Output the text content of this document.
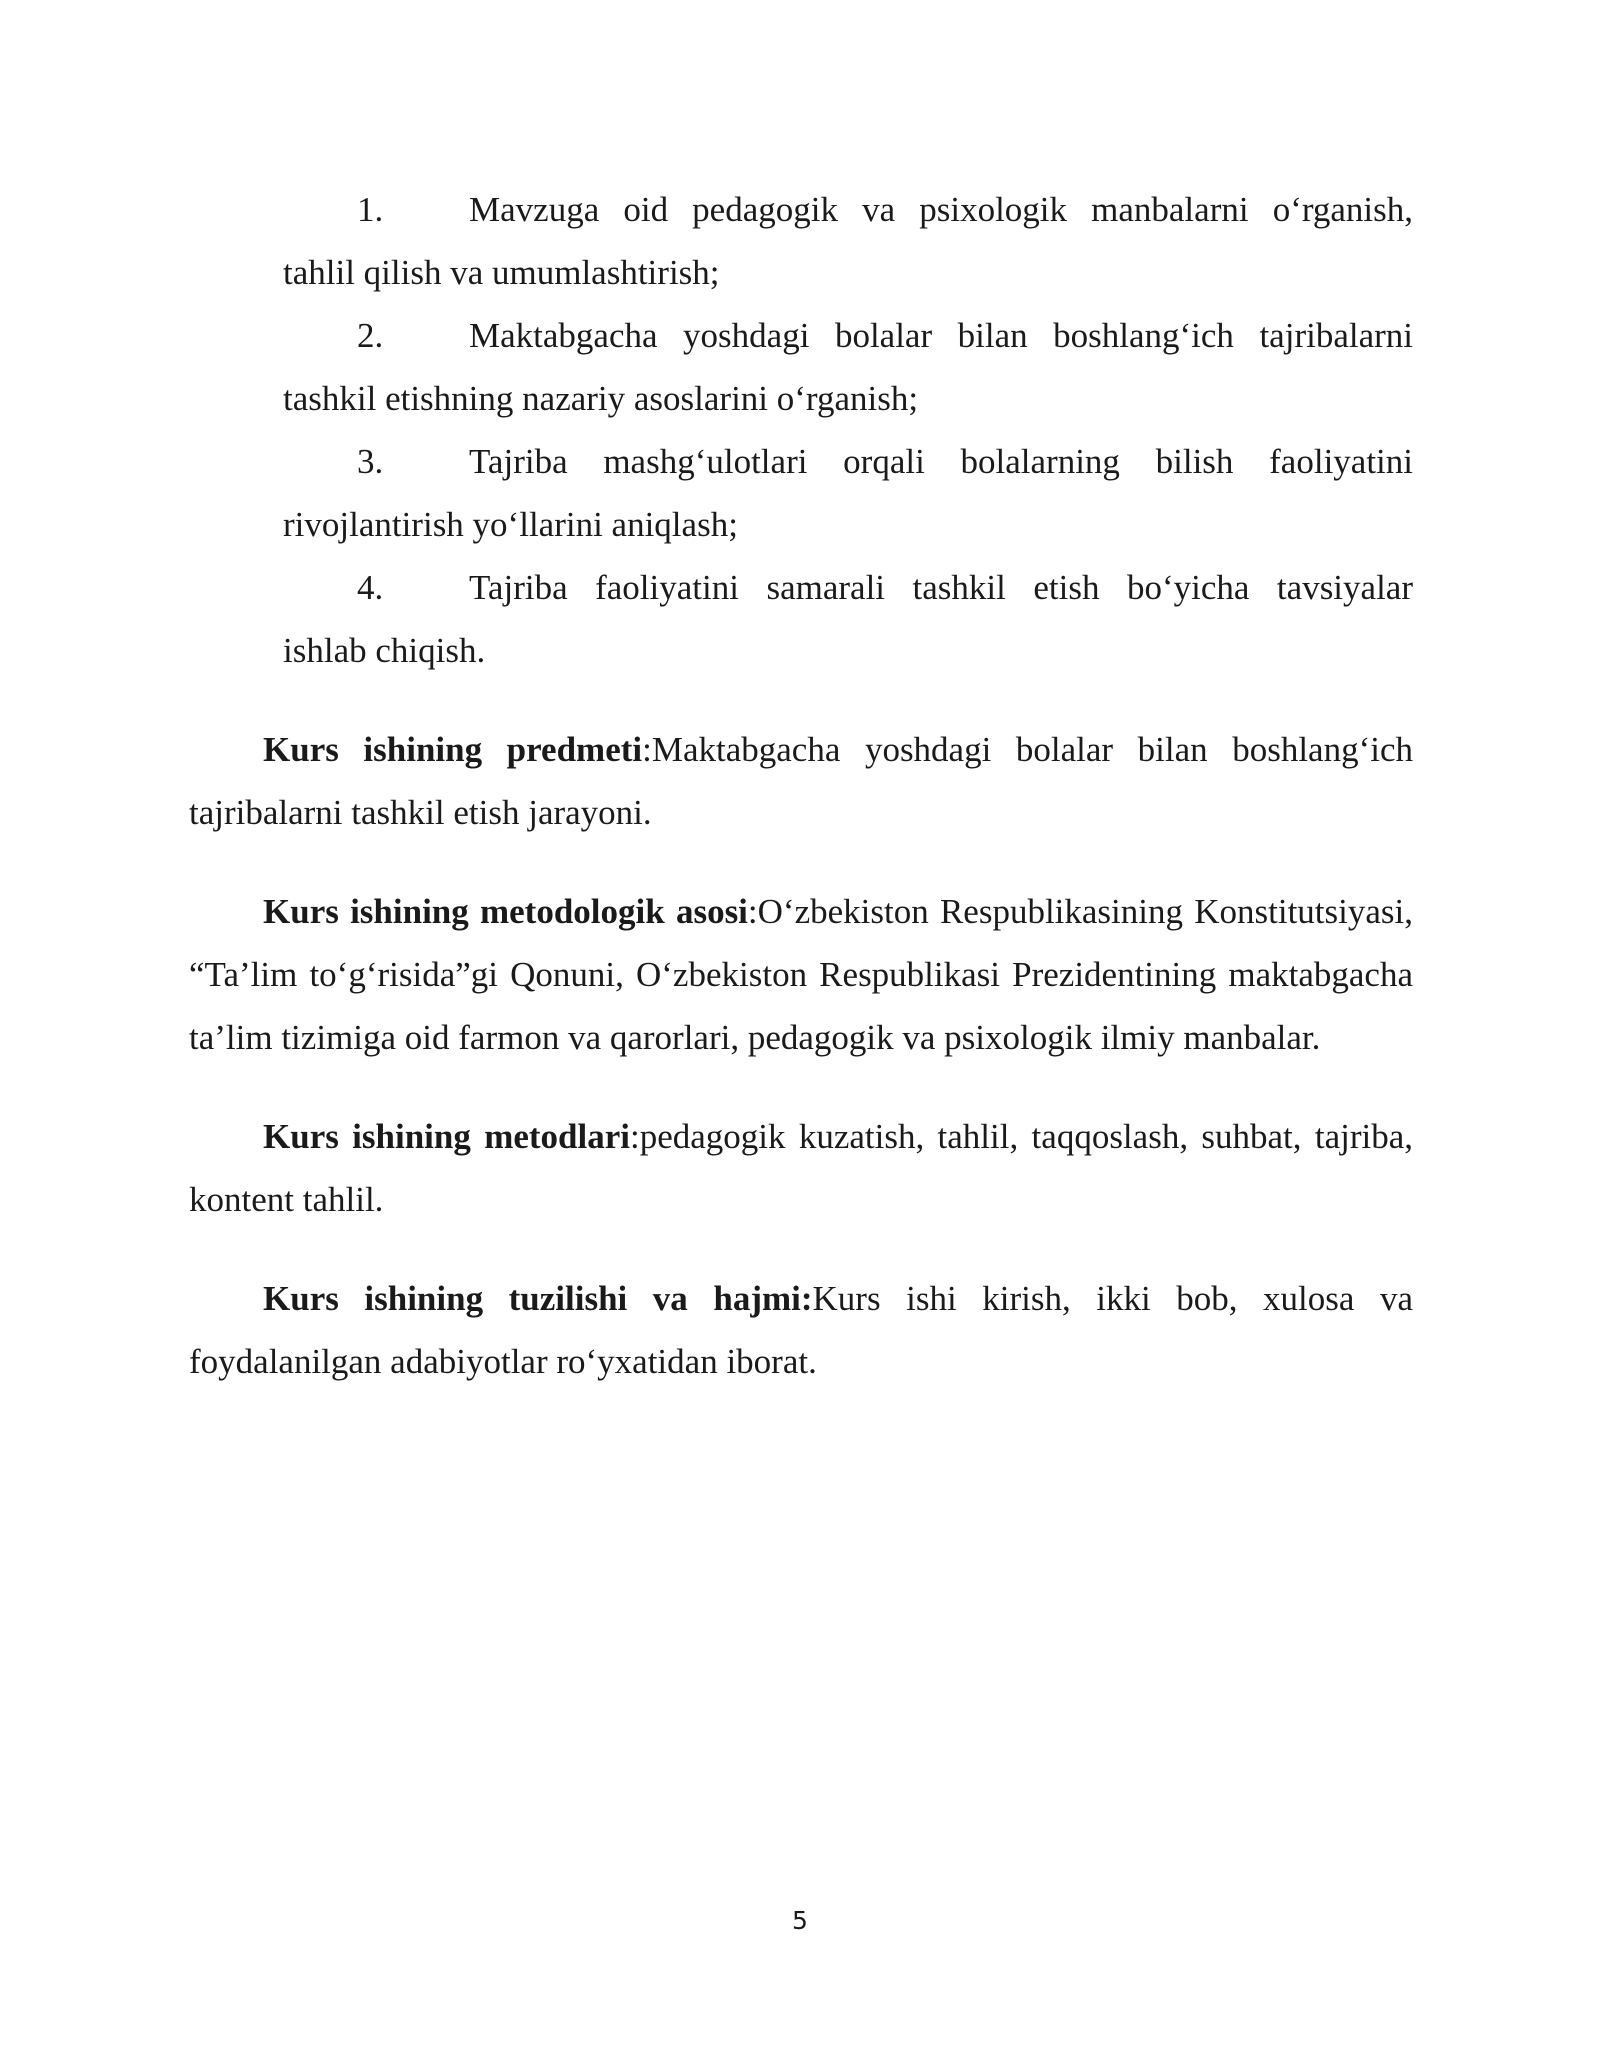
1.	Mavzuga oid pedagogik va psixologik manbalarni o‘rganish,
tahlil qilish va umumlashtirish;
2.	Maktabgacha yoshdagi bolalar bilan boshlang‘ich tajribalarni
tashkil etishning nazariy asoslarini o‘rganish;
3.	Tajriba mashg‘ulotlari orqali bolalarning bilish faoliyatini
rivojlantirish yo‘llarini aniqlash;
4.	Tajriba faoliyatini samarali tashkil etish bo‘yicha tavsiyalar
ishlab chiqish.

Kurs ishining predmeti:Maktabgacha yoshdagi bolalar bilan boshlang‘ich tajribalarni tashkil etish jarayoni.

Kurs ishining metodologik asosi:O‘zbekiston Respublikasining Konstitutsiyasi, “Ta’lim to‘g‘risida”gi Qonuni, O‘zbekiston Respublikasi Prezidentining maktabgacha ta’lim tizimiga oid farmon va qarorlari, pedagogik va psixologik ilmiy manbalar.

Kurs ishining metodlari:pedagogik kuzatish, tahlil, taqqoslash, suhbat, tajriba, kontent tahlil.

Kurs ishining tuzilishi va hajmi:Kurs ishi kirish, ikki bob, xulosa va foydalanilgan adabiyotlar ro‘yxatidan iborat.

5
